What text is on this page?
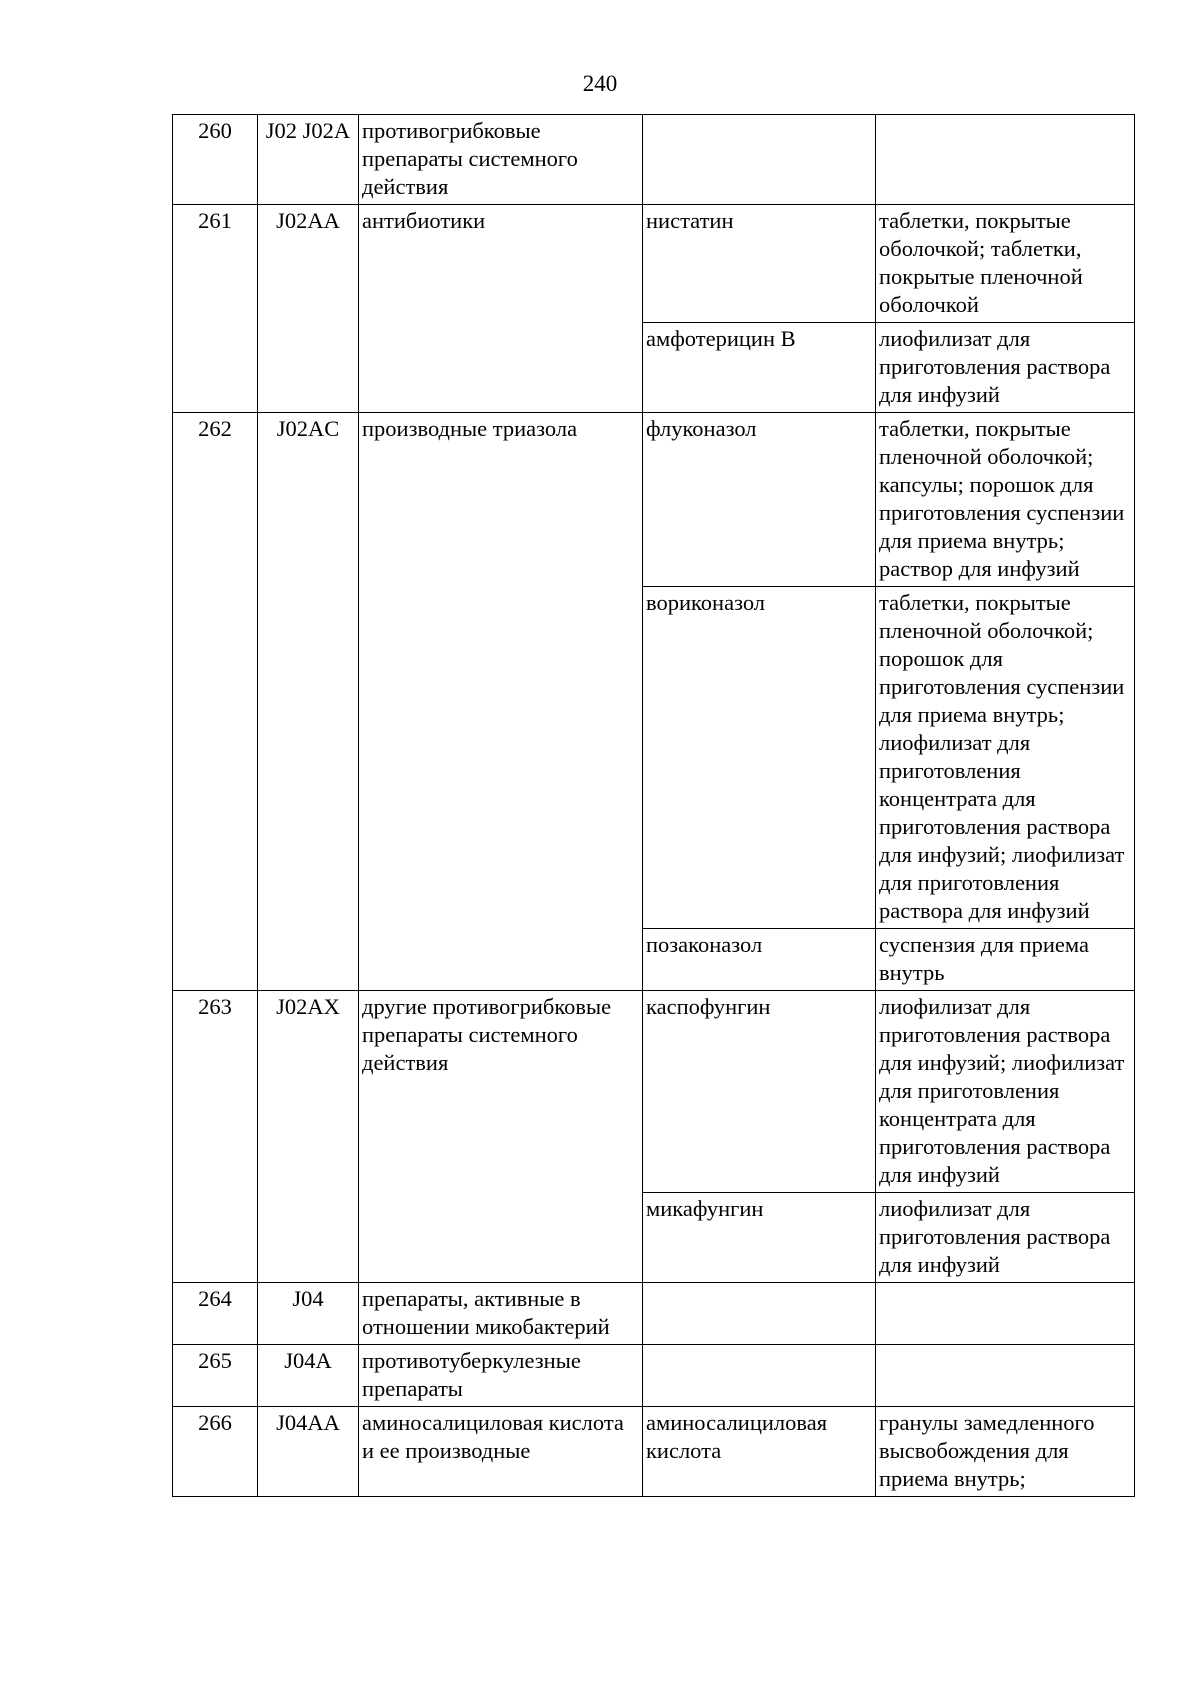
240
260	J02 J02A	противогрибковые препараты системного действия		
261	J02AA	антибиотики	нистатин	таблетки, покрытые оболочкой; таблетки, покрытые пленочной оболочкой
			амфотерицин B	лиофилизат для приготовления раствора для инфузий
262	J02AC	производные триазола	флуконазол	таблетки, покрытые пленочной оболочкой; капсулы; порошок для приготовления суспензии для приема внутрь; раствор для инфузий
			вориконазол	таблетки, покрытые пленочной оболочкой; порошок для приготовления суспензии для приема внутрь; лиофилизат для приготовления концентрата для приготовления раствора для инфузий; лиофилизат для приготовления раствора для инфузий
			позаконазол	суспензия для приема внутрь
263	J02AX	другие противогрибковые препараты системного действия	каспофунгин	лиофилизат для приготовления раствора для инфузий; лиофилизат для приготовления концентрата для приготовления раствора для инфузий
			микафунгин	лиофилизат для приготовления раствора для инфузий
264	J04	препараты, активные в отношении микобактерий		
265	J04A	противотуберкулезные препараты		
266	J04AA	аминосалициловая кислота и ее производные	аминосалициловая кислота	гранулы замедленного высвобождения для приема внутрь;
